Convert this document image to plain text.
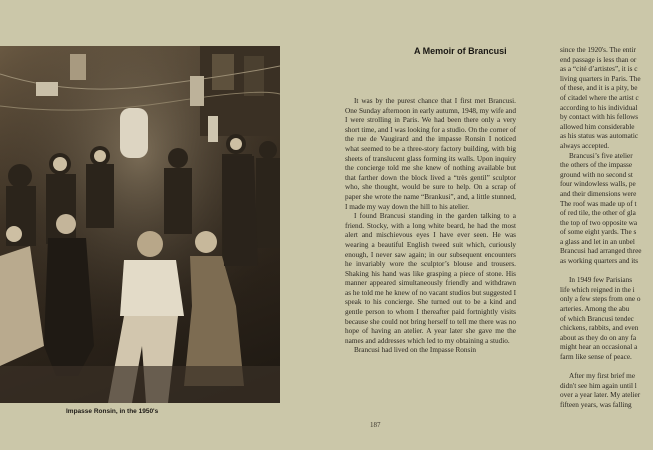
Impasse Ronsin, in the 1950's
A Memoir of Brancusi

It was by the purest chance that I first met Brancusi. One Sunday afternoon in early autumn, 1948, my wife and I were strolling in Paris. We had been there only a very short time, and I was looking for a studio. On the corner of the rue de Vaugirard and the impasse Ronsin I noticed what seemed to be a three-story factory building, with big sheets of translucent glass forming its walls. Upon inquiry the concierge told me she knew of nothing available but that farther down the block lived a “très gentil” sculptor who, she thought, would be sure to help. On a scrap of paper she wrote the name “Brankusi”, and, a little stunned, I made my way down the hill to his atelier.

I found Brancusi standing in the garden talking to a friend. Stocky, with a long white beard, he had the most alert and mischievous eyes I have ever seen. He was wearing a beautiful English tweed suit which, curiously enough, I never saw again; in our subsequent encounters he invariably wore the sculptor’s blouse and trousers. Shaking his hand was like grasping a piece of stone. His manner appeared simultaneously friendly and withdrawn as he told me he knew of no vacant studios but suggested I speak to his concierge. She turned out to be a kind and gentle person to whom I thereafter paid fortnightly visits because she could not bring herself to tell me there was no hope of having an atelier. A year later she gave me the names and addresses which led to my obtaining a studio.

Brancusi had lived on the Impasse Ronsin

since the 1920's. The entir
end passage is less than or
as a “cité d’artistes”, it is c
living quarters in Paris. The
of these, and it is a pity, be
of citadel where the artist c
according to his individual
by contact with his fellows
allowed him considerable
as his status was automatic
always accepted.
Brancusi’s five atelier
the others of the impasse
ground with no second st
four windowless walls, pe
and their dimensions were
The roof was made up of t
of red tile, the other of gla
the top of two opposite wa
of some eight yards. The s
a glass and let in an unbel
Brancusi had arranged three
as working quarters and its
In 1949 few Parisians
life which reigned in the i
only a few steps from one o
arteries. Among the abu
of which Brancusi tendec
chickens, rabbits, and even
about as they do on any fa
might hear an occasional a
farm like sense of peace.
After my first brief me
didn't see him again until l
over a year later. My atelier
fifteen years, was falling
187
